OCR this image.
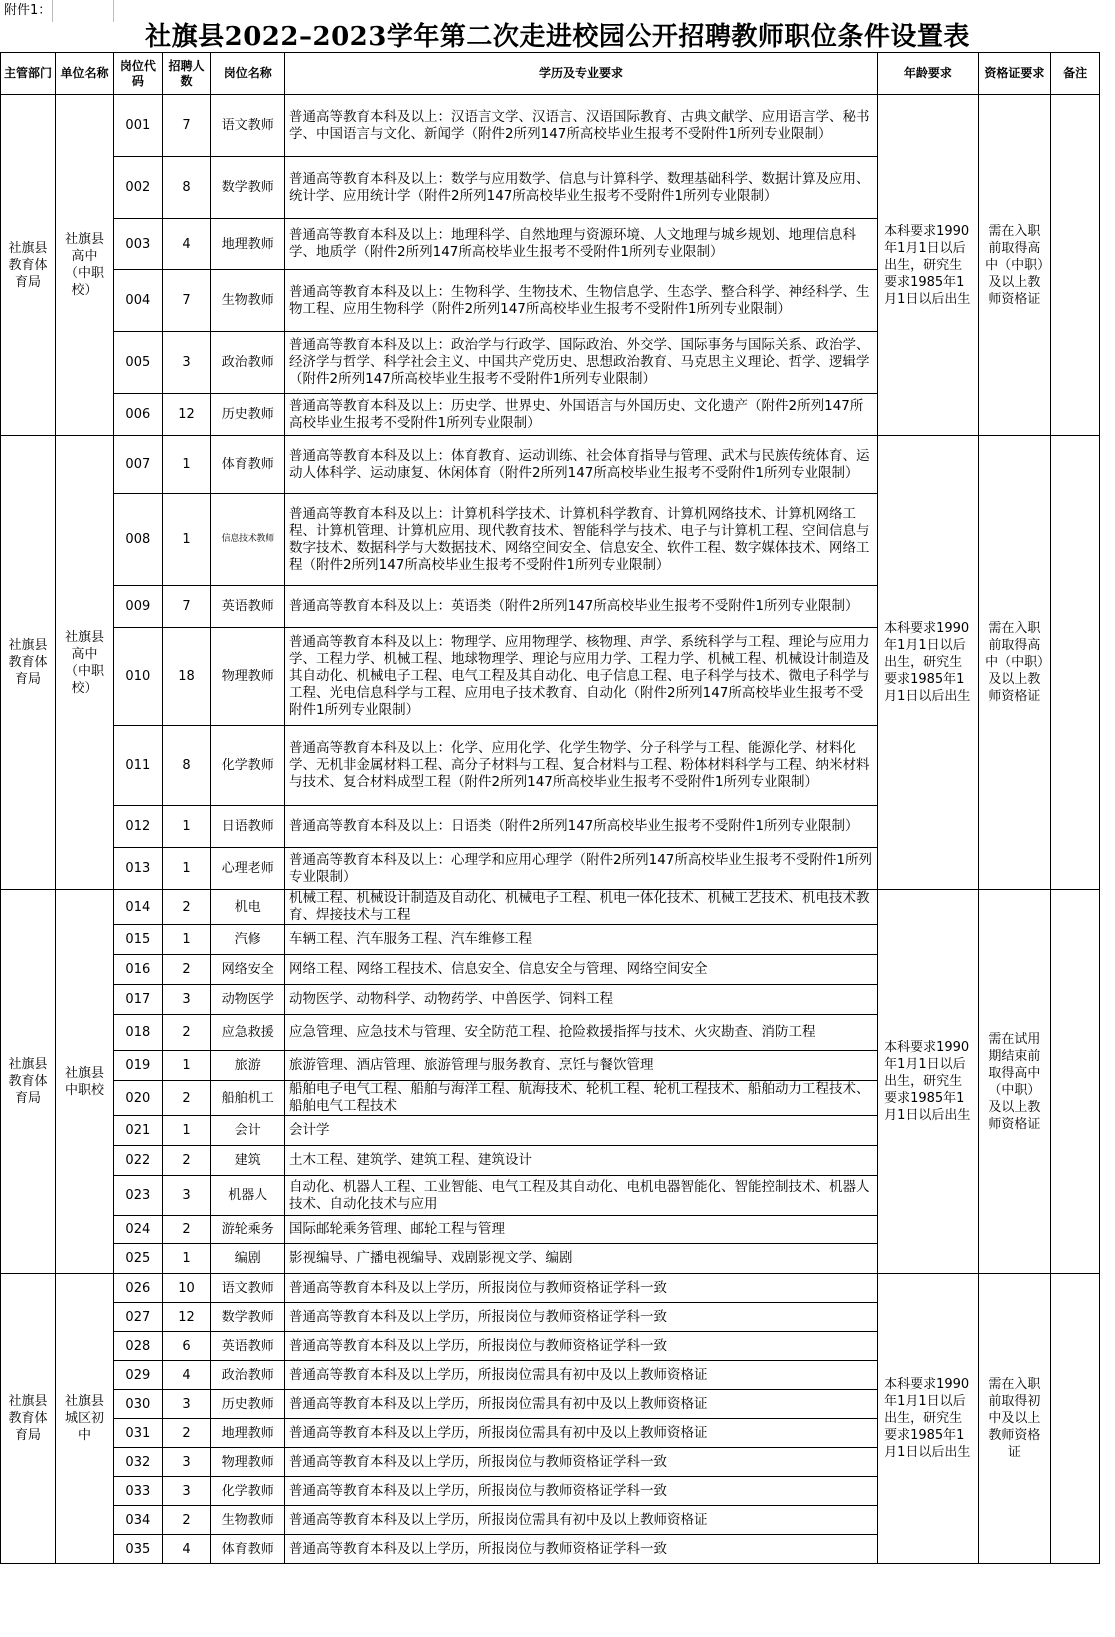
附件1：
社旗县2022–2023学年第二次走进校园公开招聘教师职位条件设置表
主管部门	单位名称	岗位代码	招聘人数	岗位名称	学历及专业要求	年龄要求	资格证要求	备注
社旗县教育体育局	社旗县高中（中职校）	001	7	语文教师	普通高等教育本科及以上：汉语言文学、汉语言、汉语国际教育、古典文献学、应用语言学、秘书学、中国语言与文化、新闻学（附件2所列147所高校毕业生报考不受附件1所列专业限制）	本科要求1990年1月1日以后出生，研究生要求1985年1月1日以后出生	需在入职前取得高中（中职）及以上教师资格证	
		002	8	数学教师	普通高等教育本科及以上：数学与应用数学、信息与计算科学、数理基础科学、数据计算及应用、统计学、应用统计学（附件2所列147所高校毕业生报考不受附件1所列专业限制）			
		003	4	地理教师	普通高等教育本科及以上：地理科学、自然地理与资源环境、人文地理与城乡规划、地理信息科学、地质学（附件2所列147所高校毕业生报考不受附件1所列专业限制）			
		004	7	生物教师	普通高等教育本科及以上：生物科学、生物技术、生物信息学、生态学、整合科学、神经科学、生物工程、应用生物科学（附件2所列147所高校毕业生报考不受附件1所列专业限制）			
		005	3	政治教师	普通高等教育本科及以上：政治学与行政学、国际政治、外交学、国际事务与国际关系、政治学、经济学与哲学、科学社会主义、中国共产党历史、思想政治教育、马克思主义理论、哲学、逻辑学（附件2所列147所高校毕业生报考不受附件1所列专业限制）			
		006	12	历史教师	普通高等教育本科及以上：历史学、世界史、外国语言与外国历史、文化遗产（附件2所列147所高校毕业生报考不受附件1所列专业限制）			
社旗县教育体育局	社旗县高中（中职校）	007	1	体育教师	普通高等教育本科及以上：体育教育、运动训练、社会体育指导与管理、武术与民族传统体育、运动人体科学、运动康复、休闲体育（附件2所列147所高校毕业生报考不受附件1所列专业限制）	本科要求1990年1月1日以后出生，研究生要求1985年1月1日以后出生	需在入职前取得高中（中职）及以上教师资格证	
		008	1	信息技术教师	普通高等教育本科及以上：计算机科学技术、计算机科学教育、计算机网络技术、计算机网络工程、计算机管理、计算机应用、现代教育技术、智能科学与技术、电子与计算机工程、空间信息与数字技术、数据科学与大数据技术、网络空间安全、信息安全、软件工程、数字媒体技术、网络工程（附件2所列147所高校毕业生报考不受附件1所列专业限制）			
		009	7	英语教师	普通高等教育本科及以上：英语类（附件2所列147所高校毕业生报考不受附件1所列专业限制）			
		010	18	物理教师	普通高等教育本科及以上：物理学、应用物理学、核物理、声学、系统科学与工程、理论与应用力学、工程力学、机械工程、地球物理学、理论与应用力学、工程力学、机械工程、机械设计制造及其自动化、机械电子工程、电气工程及其自动化、电子信息工程、电子科学与技术、微电子科学与工程、光电信息科学与工程、应用电子技术教育、自动化（附件2所列147所高校毕业生报考不受附件1所列专业限制）			
		011	8	化学教师	普通高等教育本科及以上：化学、应用化学、化学生物学、分子科学与工程、能源化学、材料化学、无机非金属材料工程、高分子材料与工程、复合材料与工程、粉体材料科学与工程、纳米材料与技术、复合材料成型工程（附件2所列147所高校毕业生报考不受附件1所列专业限制）			
		012	1	日语教师	普通高等教育本科及以上：日语类（附件2所列147所高校毕业生报考不受附件1所列专业限制）			
		013	1	心理老师	普通高等教育本科及以上：心理学和应用心理学（附件2所列147所高校毕业生报考不受附件1所列专业限制）			
社旗县教育体育局	社旗县中职校	014	2	机电	机械工程、机械设计制造及自动化、机械电子工程、机电一体化技术、机械工艺技术、机电技术教育、焊接技术与工程	本科要求1990年1月1日以后出生，研究生要求1985年1月1日以后出生	需在试用期结束前取得高中（中职）及以上教师资格证	
		015	1	汽修	车辆工程、汽车服务工程、汽车维修工程			
		016	2	网络安全	网络工程、网络工程技术、信息安全、信息安全与管理、网络空间安全			
		017	3	动物医学	动物医学、动物科学、动物药学、中兽医学、饲料工程			
		018	2	应急救援	应急管理、应急技术与管理、安全防范工程、抢险救援指挥与技术、火灾勘查、消防工程			
		019	1	旅游	旅游管理、酒店管理、旅游管理与服务教育、烹饪与餐饮管理			
		020	2	船舶机工	船舶电子电气工程、船舶与海洋工程、航海技术、轮机工程、轮机工程技术、船舶动力工程技术、船舶电气工程技术			
		021	1	会计	会计学			
		022	2	建筑	土木工程、建筑学、建筑工程、建筑设计			
		023	3	机器人	自动化、机器人工程、工业智能、电气工程及其自动化、电机电器智能化、智能控制技术、机器人技术、自动化技术与应用			
		024	2	游轮乘务	国际邮轮乘务管理、邮轮工程与管理			
		025	1	编剧	影视编导、广播电视编导、戏剧影视文学、编剧			
社旗县教育体育局	社旗县城区初中	026	10	语文教师	普通高等教育本科及以上学历，所报岗位与教师资格证学科一致	本科要求1990年1月1日以后出生，研究生要求1985年1月1日以后出生	需在入职前取得初中及以上教师资格证	
		027	12	数学教师	普通高等教育本科及以上学历，所报岗位与教师资格证学科一致			
		028	6	英语教师	普通高等教育本科及以上学历，所报岗位与教师资格证学科一致			
		029	4	政治教师	普通高等教育本科及以上学历，所报岗位需具有初中及以上教师资格证			
		030	3	历史教师	普通高等教育本科及以上学历，所报岗位需具有初中及以上教师资格证			
		031	2	地理教师	普通高等教育本科及以上学历，所报岗位需具有初中及以上教师资格证			
		032	3	物理教师	普通高等教育本科及以上学历，所报岗位与教师资格证学科一致			
		033	3	化学教师	普通高等教育本科及以上学历，所报岗位与教师资格证学科一致			
		034	2	生物教师	普通高等教育本科及以上学历，所报岗位需具有初中及以上教师资格证			
		035	4	体育教师	普通高等教育本科及以上学历，所报岗位与教师资格证学科一致			
